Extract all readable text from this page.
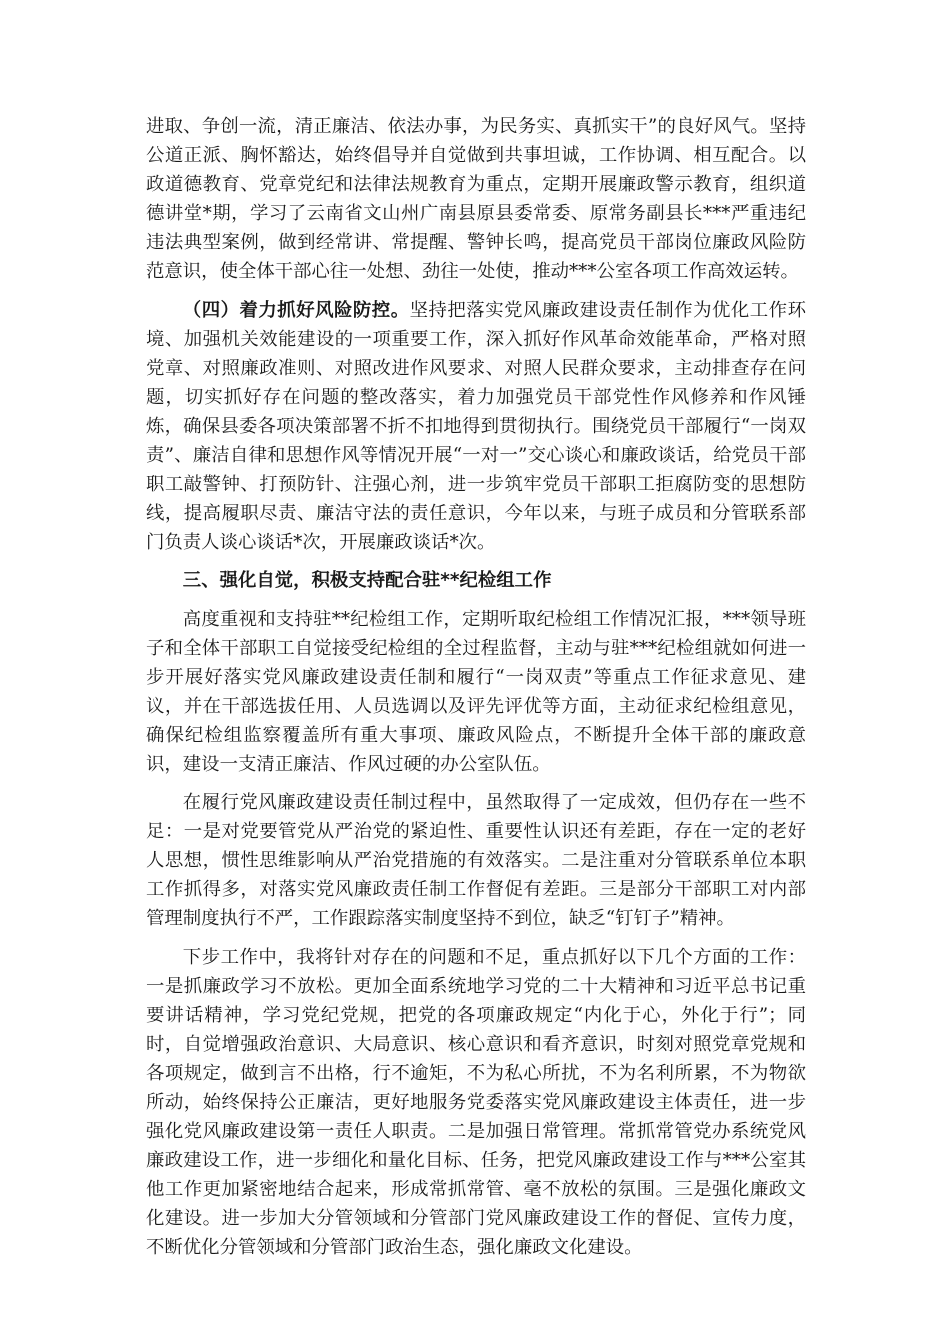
进取、争创一流，清正廉洁、依法办事，为民务实、真抓实干”的良好风气。坚持公道正派、胸怀豁达，始终倡导并自觉做到共事坦诚，工作协调、相互配合。以政道德教育、党章党纪和法律法规教育为重点，定期开展廉政警示教育，组织道德讲堂*期，学习了云南省文山州广南县原县委常委、原常务副县长***严重违纪违法典型案例，做到经常讲、常提醒、警钟长鸣，提高党员干部岗位廉政风险防范意识，使全体干部心往一处想、劲往一处使，推动***公室各项工作高效运转。

（四）着力抓好风险防控。坚持把落实党风廉政建设责任制作为优化工作环境、加强机关效能建设的一项重要工作，深入抓好作风革命效能革命，严格对照党章、对照廉政准则、对照改进作风要求、对照人民群众要求，主动排查存在问题，切实抓好存在问题的整改落实，着力加强党员干部党性作风修养和作风锤炼，确保县委各项决策部署不折不扣地得到贯彻执行。围绕党员干部履行“一岗双责”、廉洁自律和思想作风等情况开展“一对一”交心谈心和廉政谈话，给党员干部职工敲警钟、打预防针、注强心剂，进一步筑牢党员干部职工拒腐防变的思想防线，提高履职尽责、廉洁守法的责任意识，今年以来，与班子成员和分管联系部门负责人谈心谈话*次，开展廉政谈话*次。

三、强化自觉，积极支持配合驻**纪检组工作

高度重视和支持驻**纪检组工作，定期听取纪检组工作情况汇报，***领导班子和全体干部职工自觉接受纪检组的全过程监督，主动与驻***纪检组就如何进一步开展好落实党风廉政建设责任制和履行“一岗双责”等重点工作征求意见、建议，并在干部选拔任用、人员选调以及评先评优等方面，主动征求纪检组意见，确保纪检组监察覆盖所有重大事项、廉政风险点，不断提升全体干部的廉政意识，建设一支清正廉洁、作风过硬的办公室队伍。

在履行党风廉政建设责任制过程中，虽然取得了一定成效，但仍存在一些不足：一是对党要管党从严治党的紧迫性、重要性认识还有差距，存在一定的老好人思想，惯性思维影响从严治党措施的有效落实。二是注重对分管联系单位本职工作抓得多，对落实党风廉政责任制工作督促有差距。三是部分干部职工对内部管理制度执行不严，工作跟踪落实制度坚持不到位，缺乏“钉钉子”精神。

下步工作中，我将针对存在的问题和不足，重点抓好以下几个方面的工作：一是抓廉政学习不放松。更加全面系统地学习党的二十大精神和习近平总书记重要讲话精神，学习党纪党规，把党的各项廉政规定“内化于心，外化于行”；同时，自觉增强政治意识、大局意识、核心意识和看齐意识，时刻对照党章党规和各项规定，做到言不出格，行不逾矩，不为私心所扰，不为名利所累，不为物欲所动，始终保持公正廉洁，更好地服务党委落实党风廉政建设主体责任，进一步强化党风廉政建设第一责任人职责。二是加强日常管理。常抓常管党办系统党风廉政建设工作，进一步细化和量化目标、任务，把党风廉政建设工作与***公室其他工作更加紧密地结合起来，形成常抓常管、毫不放松的氛围。三是强化廉政文化建设。进一步加大分管领域和分管部门党风廉政建设工作的督促、宣传力度，不断优化分管领域和分管部门政治生态，强化廉政文化建设。
